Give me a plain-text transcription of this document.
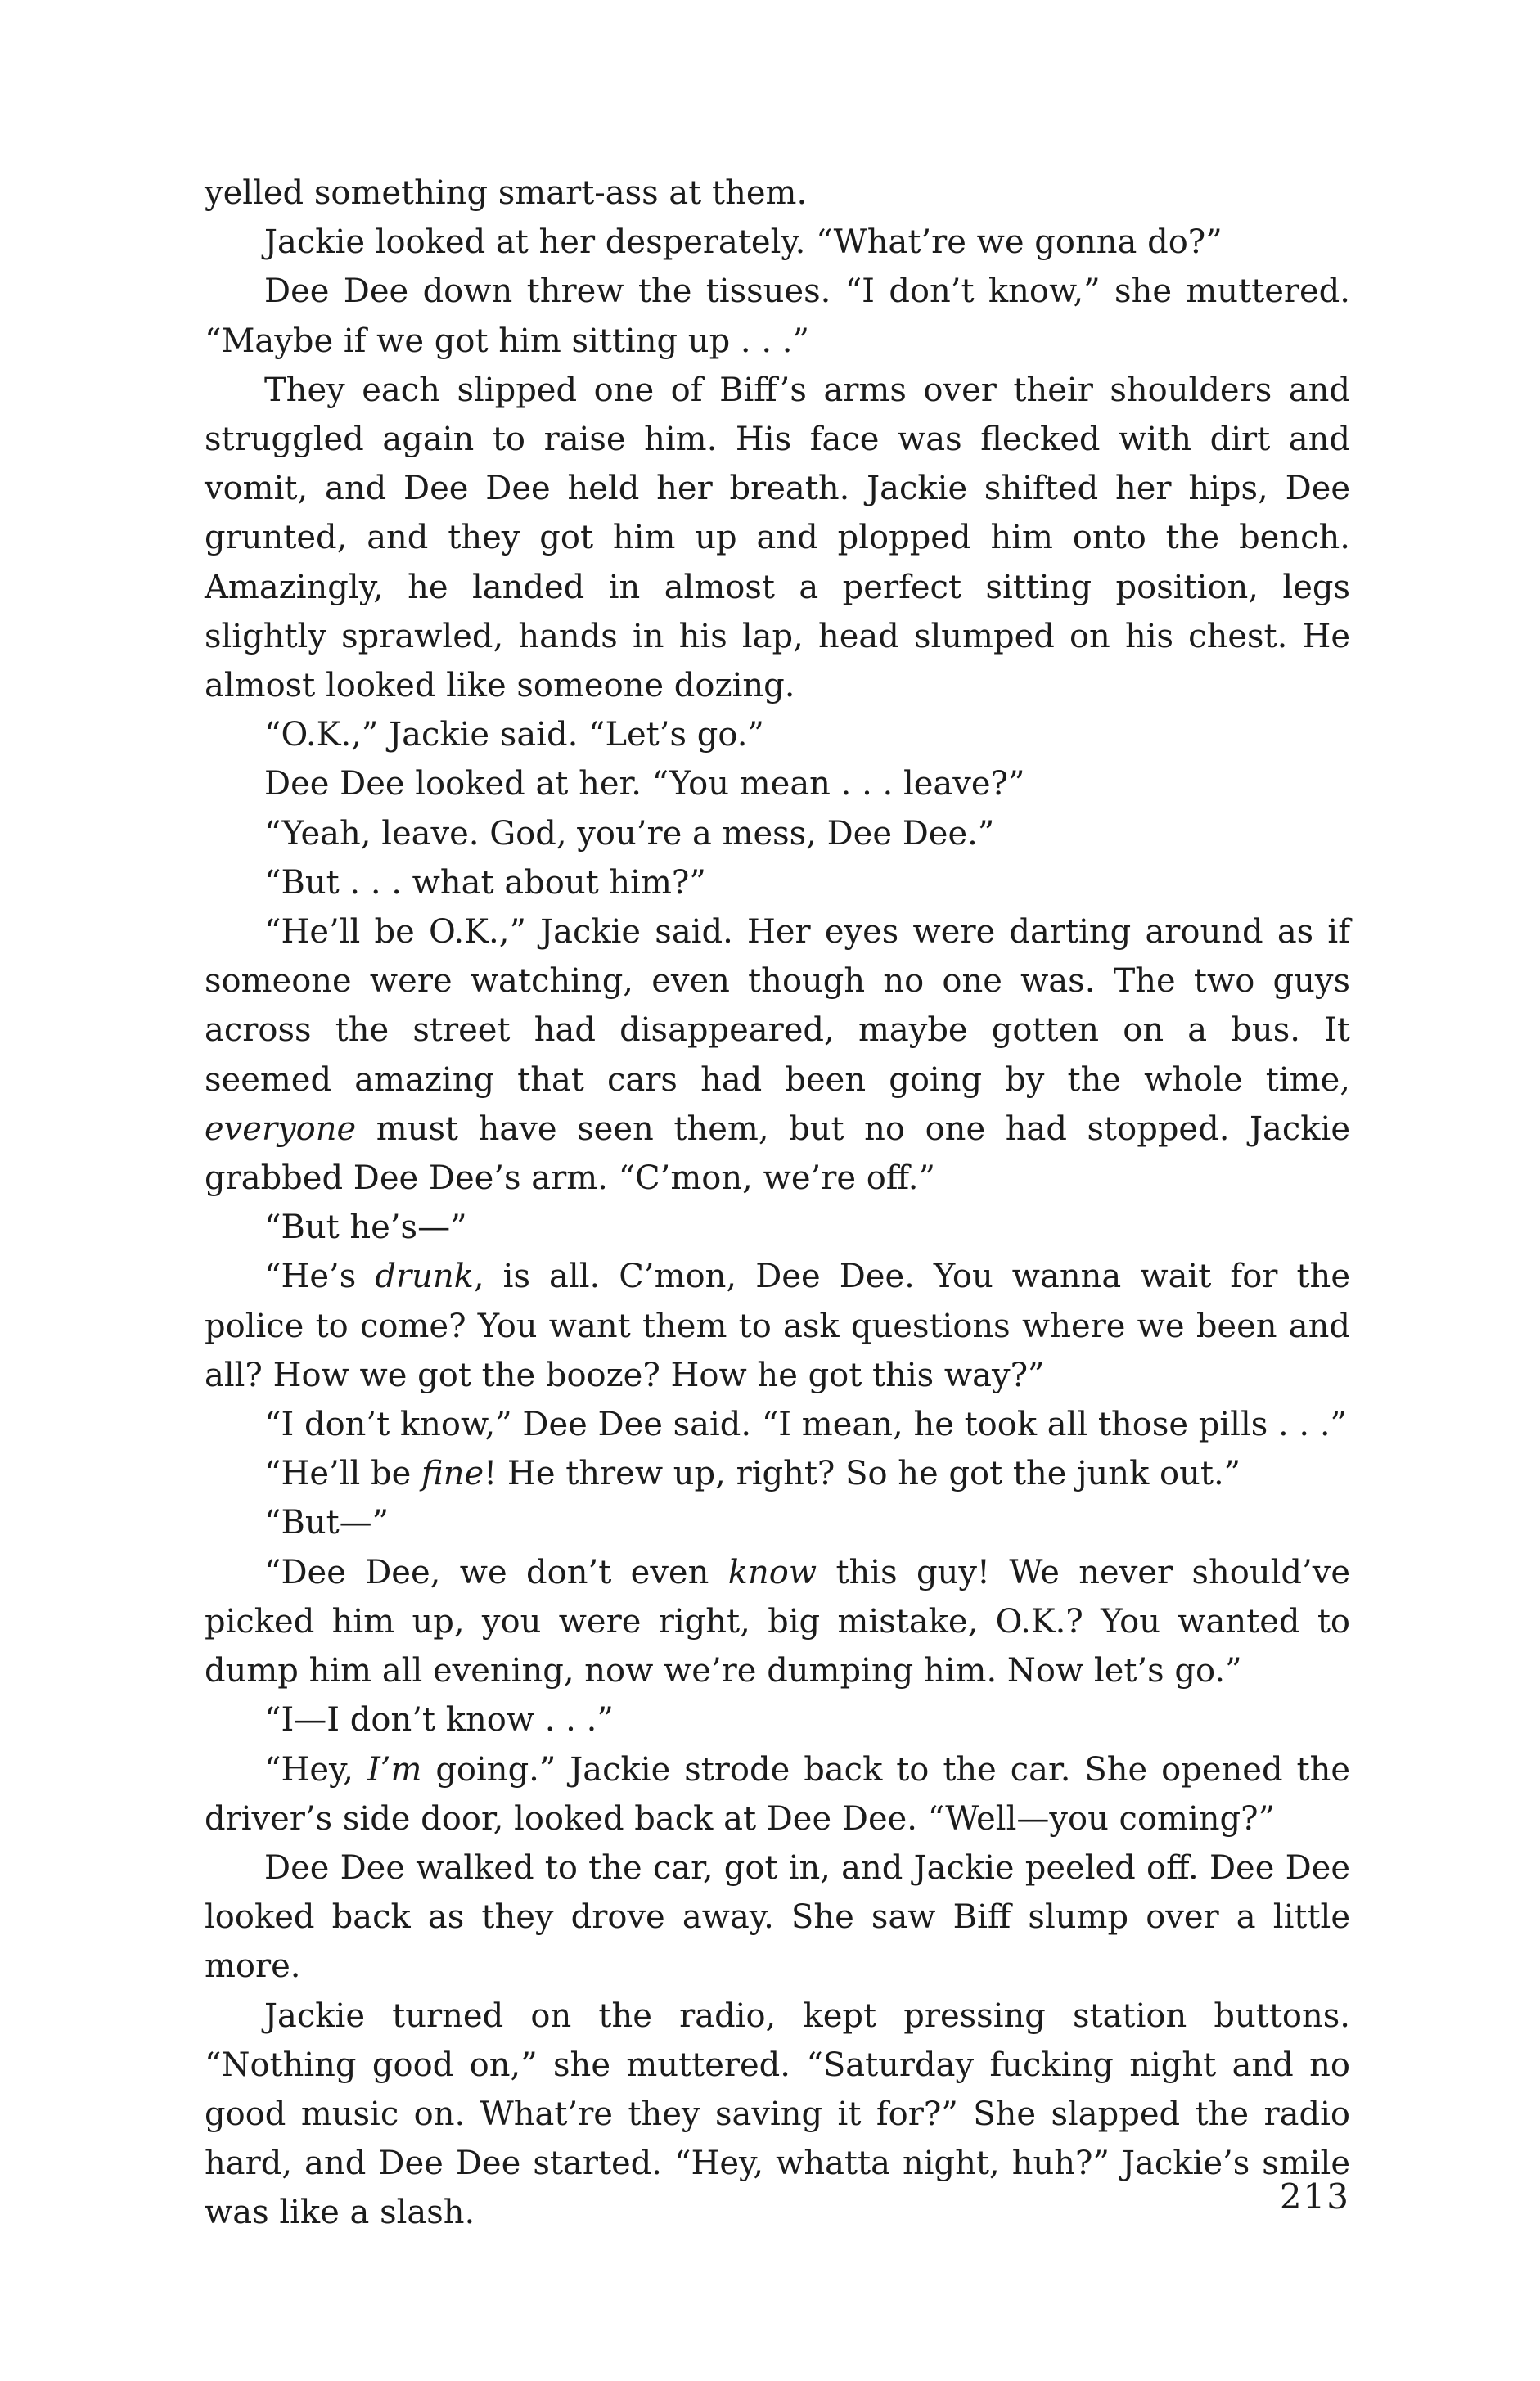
yelled something smart-ass at them.

Jackie looked at her desperately. “What’re we gonna do?”

Dee Dee down threw the tissues. “I don’t know,” she muttered. “Maybe if we got him sitting up . . .”

They each slipped one of Biff’s arms over their shoulders and struggled again to raise him. His face was flecked with dirt and vomit, and Dee Dee held her breath. Jackie shifted her hips, Dee grunted, and they got him up and plopped him onto the bench. Amazingly, he landed in almost a perfect sitting position, legs slightly sprawled, hands in his lap, head slumped on his chest. He almost looked like someone dozing.

“O.K.,” Jackie said. “Let’s go.”

Dee Dee looked at her. “You mean . . . leave?”

“Yeah, leave. God, you’re a mess, Dee Dee.”

“But . . . what about him?”

“He’ll be O.K.,” Jackie said. Her eyes were darting around as if someone were watching, even though no one was. The two guys across the street had disappeared, maybe gotten on a bus. It seemed amazing that cars had been going by the whole time, everyone must have seen them, but no one had stopped. Jackie grabbed Dee Dee’s arm. “C’mon, we’re off.”

“But he’s—”

“He’s drunk, is all. C’mon, Dee Dee. You wanna wait for the police to come? You want them to ask questions where we been and all? How we got the booze? How he got this way?”

“I don’t know,” Dee Dee said. “I mean, he took all those pills . . .”

“He’ll be fine! He threw up, right? So he got the junk out.”

“But—”

“Dee Dee, we don’t even know this guy! We never should’ve picked him up, you were right, big mistake, O.K.? You wanted to dump him all evening, now we’re dumping him. Now let’s go.”

“I—I don’t know . . .”

“Hey, I’m going.” Jackie strode back to the car. She opened the driver’s side door, looked back at Dee Dee. “Well—you coming?”

Dee Dee walked to the car, got in, and Jackie peeled off. Dee Dee looked back as they drove away. She saw Biff slump over a little more.

Jackie turned on the radio, kept pressing station buttons. “Nothing good on,” she muttered. “Saturday fucking night and no good music on. What’re they saving it for?” She slapped the radio hard, and Dee Dee started. “Hey, whatta night, huh?” Jackie’s smile was like a slash.	213
